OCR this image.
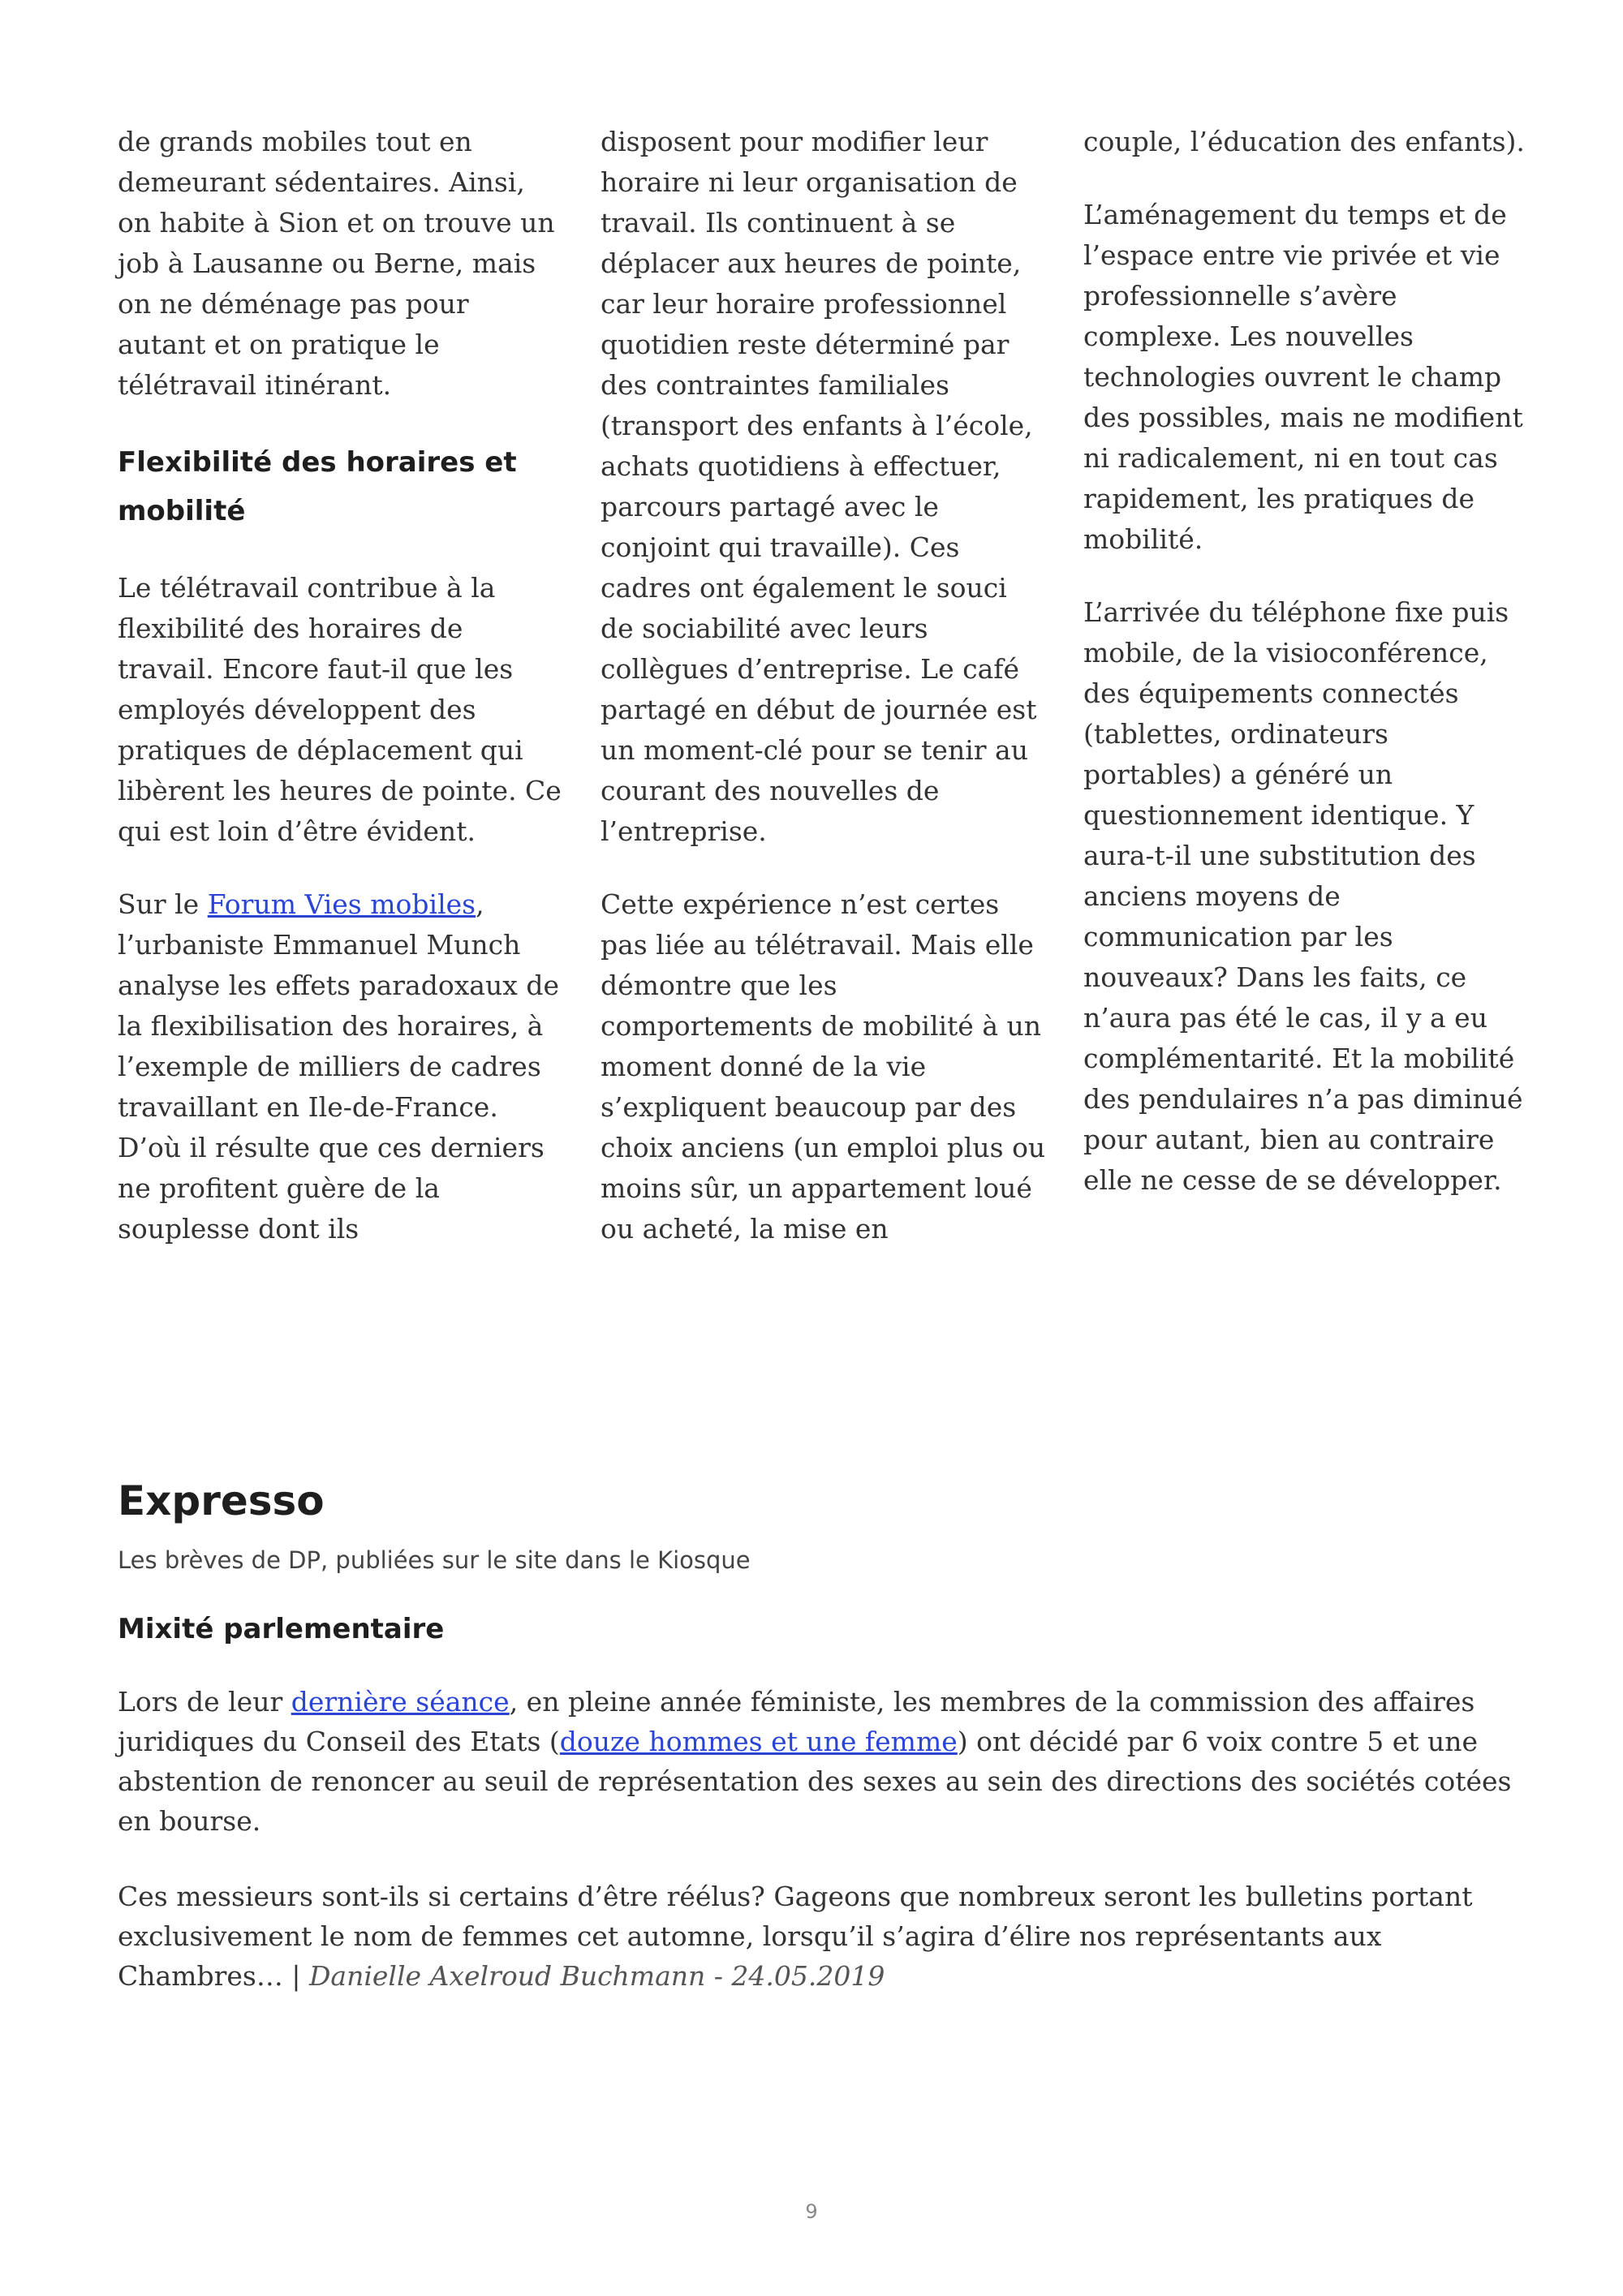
de grands mobiles tout en demeurant sédentaires. Ainsi, on habite à Sion et on trouve un job à Lausanne ou Berne, mais on ne déménage pas pour autant et on pratique le télétravail itinérant.

Flexibilité des horaires et mobilité

Le télétravail contribue à la flexibilité des horaires de travail. Encore faut-il que les employés développent des pratiques de déplacement qui libèrent les heures de pointe. Ce qui est loin d’être évident.

Sur le Forum Vies mobiles, l’urbaniste Emmanuel Munch analyse les effets paradoxaux de la flexibilisation des horaires, à l’exemple de milliers de cadres travaillant en Ile-de-France. D’où il résulte que ces derniers ne profitent guère de la souplesse dont ils

disposent pour modifier leur horaire ni leur organisation de travail. Ils continuent à se déplacer aux heures de pointe, car leur horaire professionnel quotidien reste déterminé par des contraintes familiales (transport des enfants à l’école, achats quotidiens à effectuer, parcours partagé avec le conjoint qui travaille). Ces cadres ont également le souci de sociabilité avec leurs collègues d’entreprise. Le café partagé en début de journée est un moment-clé pour se tenir au courant des nouvelles de l’entreprise.

Cette expérience n’est certes pas liée au télétravail. Mais elle démontre que les comportements de mobilité à un moment donné de la vie s’expliquent beaucoup par des choix anciens (un emploi plus ou moins sûr, un appartement loué ou acheté, la mise en

couple, l’éducation des enfants).

L’aménagement du temps et de l’espace entre vie privée et vie professionnelle s’avère complexe. Les nouvelles technologies ouvrent le champ des possibles, mais ne modifient ni radicalement, ni en tout cas rapidement, les pratiques de mobilité.

L’arrivée du téléphone fixe puis mobile, de la visioconférence, des équipements connectés (tablettes, ordinateurs portables) a généré un questionnement identique. Y aura-t-il une substitution des anciens moyens de communication par les nouveaux? Dans les faits, ce n’aura pas été le cas, il y a eu complémentarité. Et la mobilité des pendulaires n’a pas diminué pour autant, bien au contraire elle ne cesse de se développer.

Expresso
Les brèves de DP, publiées sur le site dans le Kiosque
Mixité parlementaire

Lors de leur dernière séance, en pleine année féministe, les membres de la commission des affaires juridiques du Conseil des Etats (douze hommes et une femme) ont décidé par 6 voix contre 5 et une abstention de renoncer au seuil de représentation des sexes au sein des directions des sociétés cotées en bourse.

Ces messieurs sont-ils si certains d’être réélus? Gageons que nombreux seront les bulletins portant exclusivement le nom de femmes cet automne, lorsqu’il s’agira d’élire nos représentants aux Chambres… | Danielle Axelroud Buchmann - 24.05.2019

9
